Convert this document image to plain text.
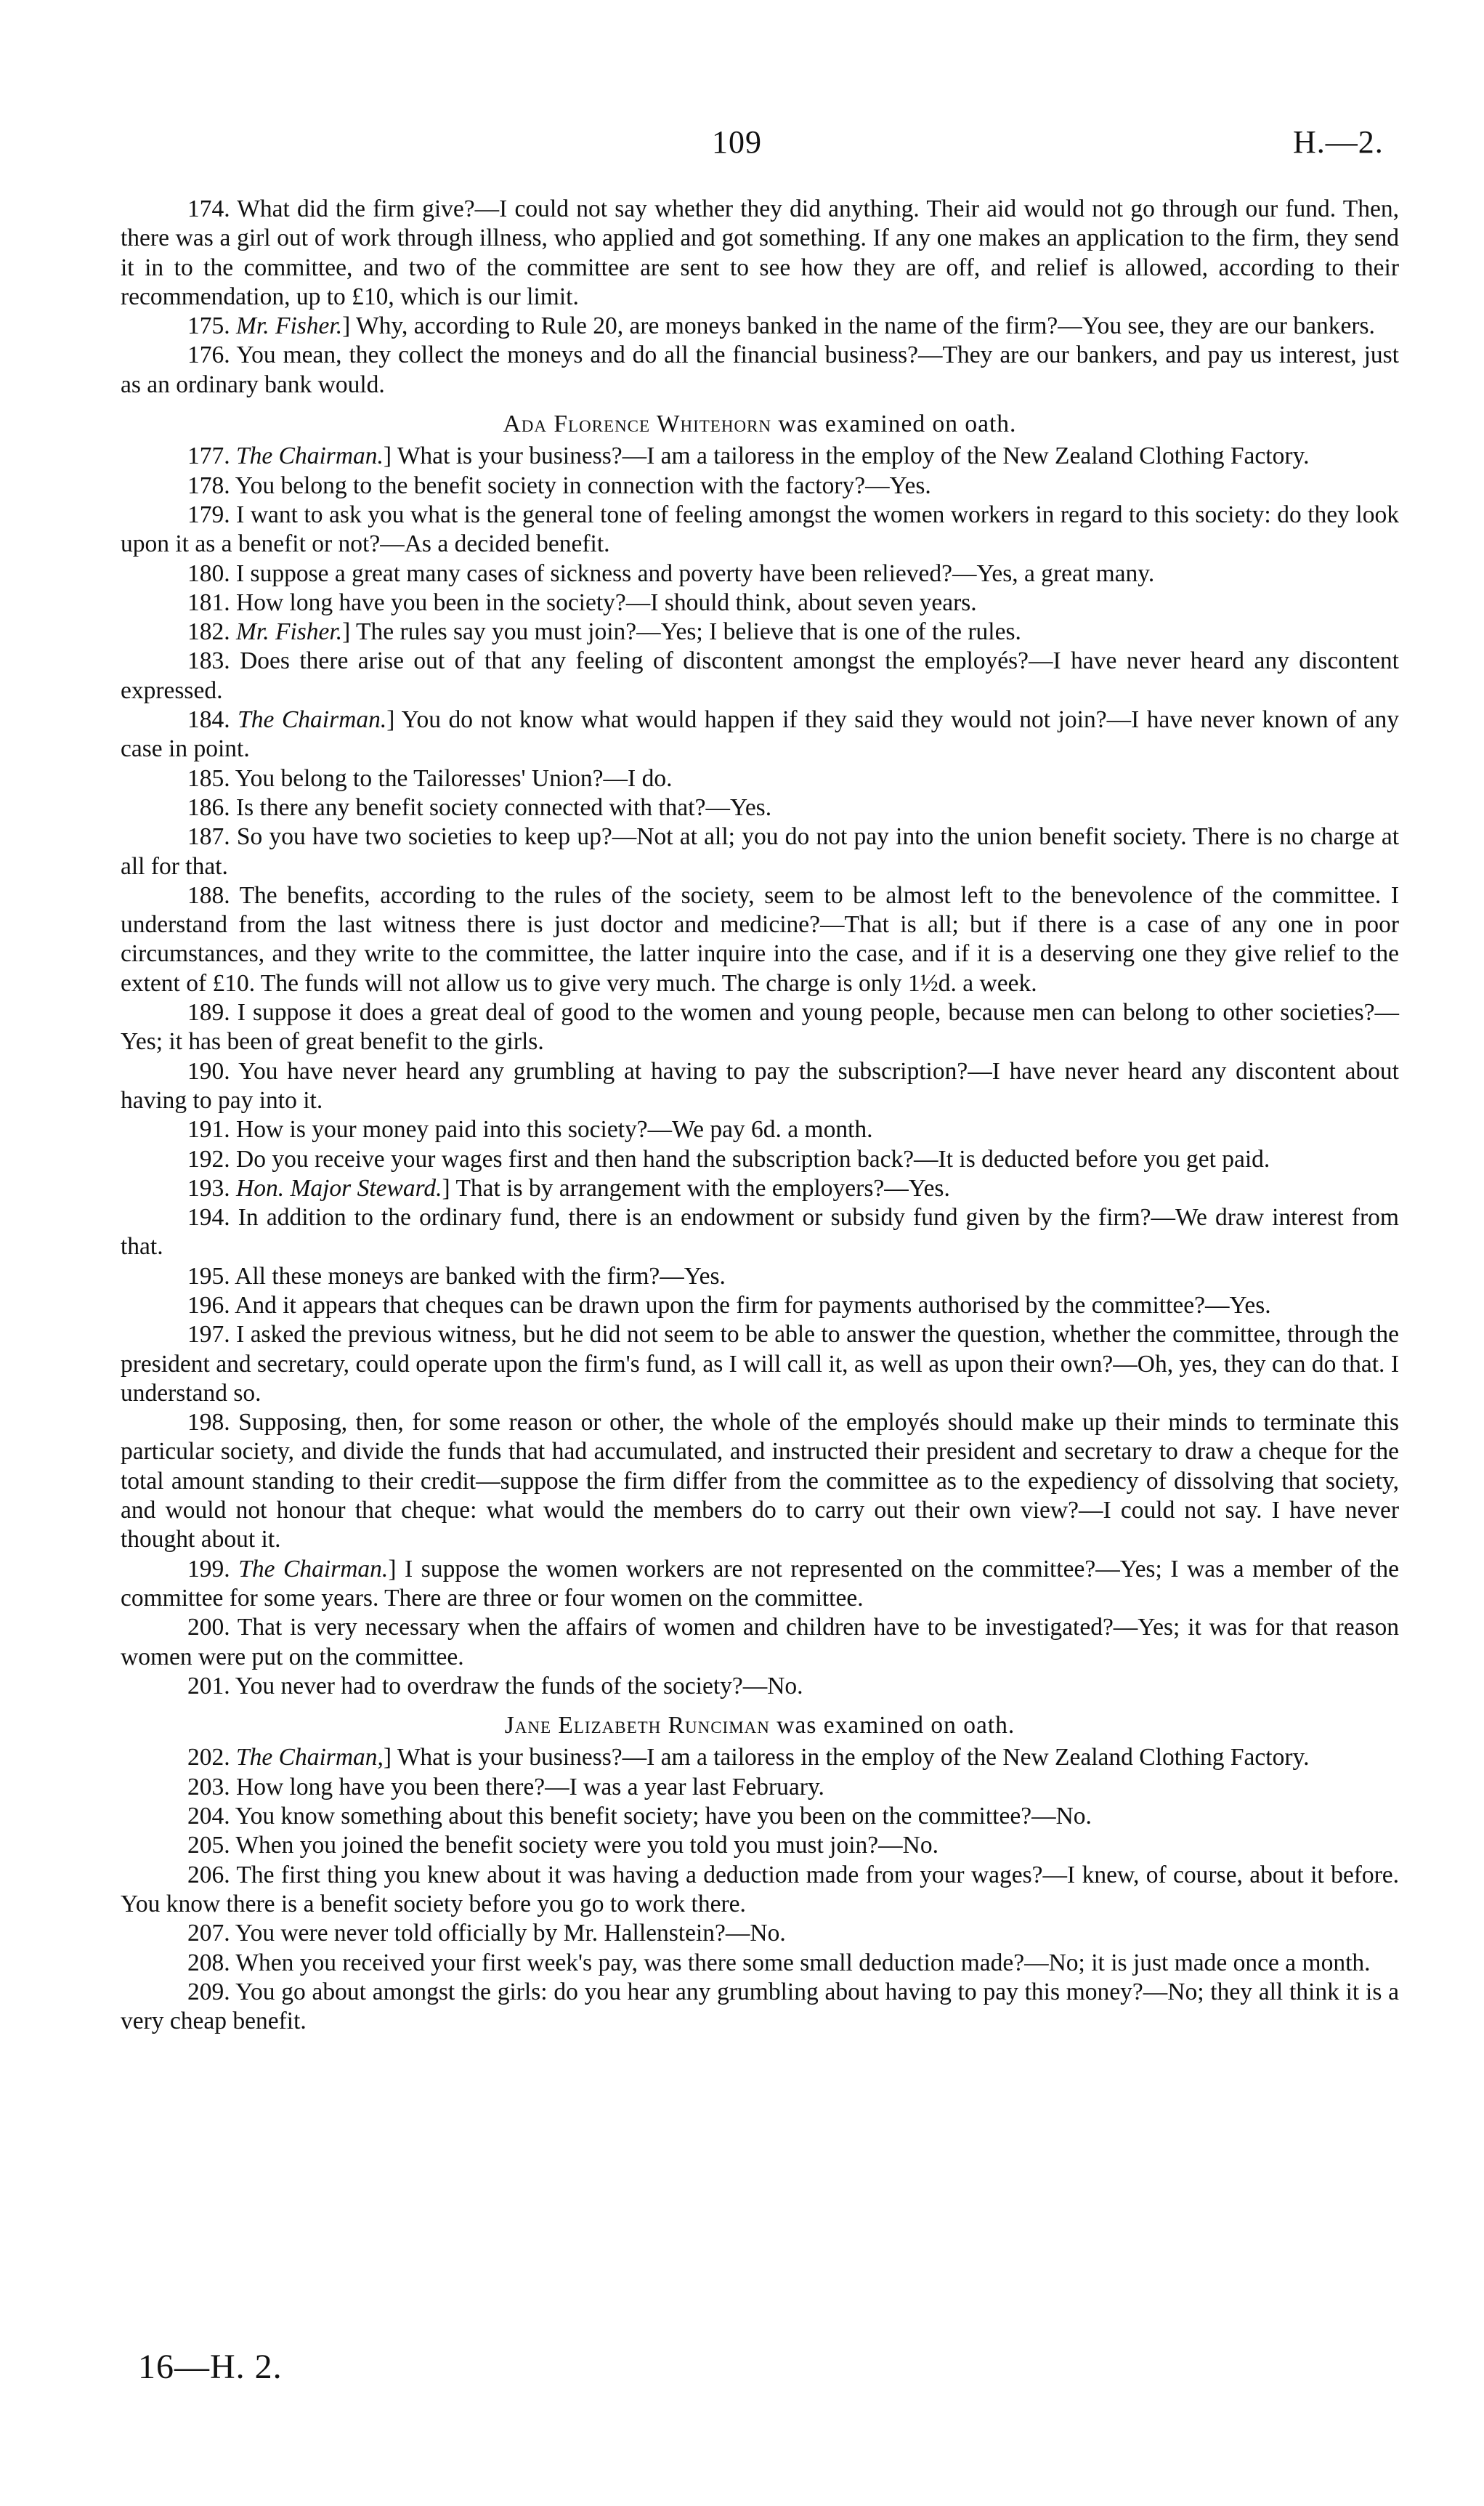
109	H.—2.

174. What did the firm give?—I could not say whether they did anything. Their aid would not go through our fund. Then, there was a girl out of work through illness, who applied and got something. If any one makes an application to the firm, they send it in to the committee, and two of the committee are sent to see how they are off, and relief is allowed, according to their recommendation, up to £10, which is our limit.

175. Mr. Fisher.] Why, according to Rule 20, are moneys banked in the name of the firm?—You see, they are our bankers.

176. You mean, they collect the moneys and do all the financial business?—They are our bankers, and pay us interest, just as an ordinary bank would.

Ada Florence Whitehorn was examined on oath.

177. The Chairman.] What is your business?—I am a tailoress in the employ of the New Zealand Clothing Factory.

178. You belong to the benefit society in connection with the factory?—Yes.

179. I want to ask you what is the general tone of feeling amongst the women workers in regard to this society: do they look upon it as a benefit or not?—As a decided benefit.

180. I suppose a great many cases of sickness and poverty have been relieved?—Yes, a great many.

181. How long have you been in the society?—I should think, about seven years.

182. Mr. Fisher.] The rules say you must join?—Yes; I believe that is one of the rules.

183. Does there arise out of that any feeling of discontent amongst the employés?—I have never heard any discontent expressed.

184. The Chairman.] You do not know what would happen if they said they would not join?—I have never known of any case in point.

185. You belong to the Tailoresses' Union?—I do.

186. Is there any benefit society connected with that?—Yes.

187. So you have two societies to keep up?—Not at all; you do not pay into the union benefit society. There is no charge at all for that.

188. The benefits, according to the rules of the society, seem to be almost left to the benevolence of the committee. I understand from the last witness there is just doctor and medicine?—That is all; but if there is a case of any one in poor circumstances, and they write to the committee, the latter inquire into the case, and if it is a deserving one they give relief to the extent of £10. The funds will not allow us to give very much. The charge is only 1½d. a week.

189. I suppose it does a great deal of good to the women and young people, because men can belong to other societies?—Yes; it has been of great benefit to the girls.

190. You have never heard any grumbling at having to pay the subscription?—I have never heard any discontent about having to pay into it.

191. How is your money paid into this society?—We pay 6d. a month.

192. Do you receive your wages first and then hand the subscription back?—It is deducted before you get paid.

193. Hon. Major Steward.] That is by arrangement with the employers?—Yes.

194. In addition to the ordinary fund, there is an endowment or subsidy fund given by the firm?—We draw interest from that.

195. All these moneys are banked with the firm?—Yes.

196. And it appears that cheques can be drawn upon the firm for payments authorised by the committee?—Yes.

197. I asked the previous witness, but he did not seem to be able to answer the question, whether the committee, through the president and secretary, could operate upon the firm's fund, as I will call it, as well as upon their own?—Oh, yes, they can do that. I understand so.

198. Supposing, then, for some reason or other, the whole of the employés should make up their minds to terminate this particular society, and divide the funds that had accumulated, and instructed their president and secretary to draw a cheque for the total amount standing to their credit—suppose the firm differ from the committee as to the expediency of dissolving that society, and would not honour that cheque: what would the members do to carry out their own view?—I could not say. I have never thought about it.

199. The Chairman.] I suppose the women workers are not represented on the committee?—Yes; I was a member of the committee for some years. There are three or four women on the committee.

200. That is very necessary when the affairs of women and children have to be investigated?—Yes; it was for that reason women were put on the committee.

201. You never had to overdraw the funds of the society?—No.

Jane Elizabeth Runciman was examined on oath.

202. The Chairman,] What is your business?—I am a tailoress in the employ of the New Zealand Clothing Factory.

203. How long have you been there?—I was a year last February.

204. You know something about this benefit society; have you been on the committee?—No.

205. When you joined the benefit society were you told you must join?—No.

206. The first thing you knew about it was having a deduction made from your wages?—I knew, of course, about it before. You know there is a benefit society before you go to work there.

207. You were never told officially by Mr. Hallenstein?—No.

208. When you received your first week's pay, was there some small deduction made?—No; it is just made once a month.

209. You go about amongst the girls: do you hear any grumbling about having to pay this money?—No; they all think it is a very cheap benefit.

16—H. 2.
